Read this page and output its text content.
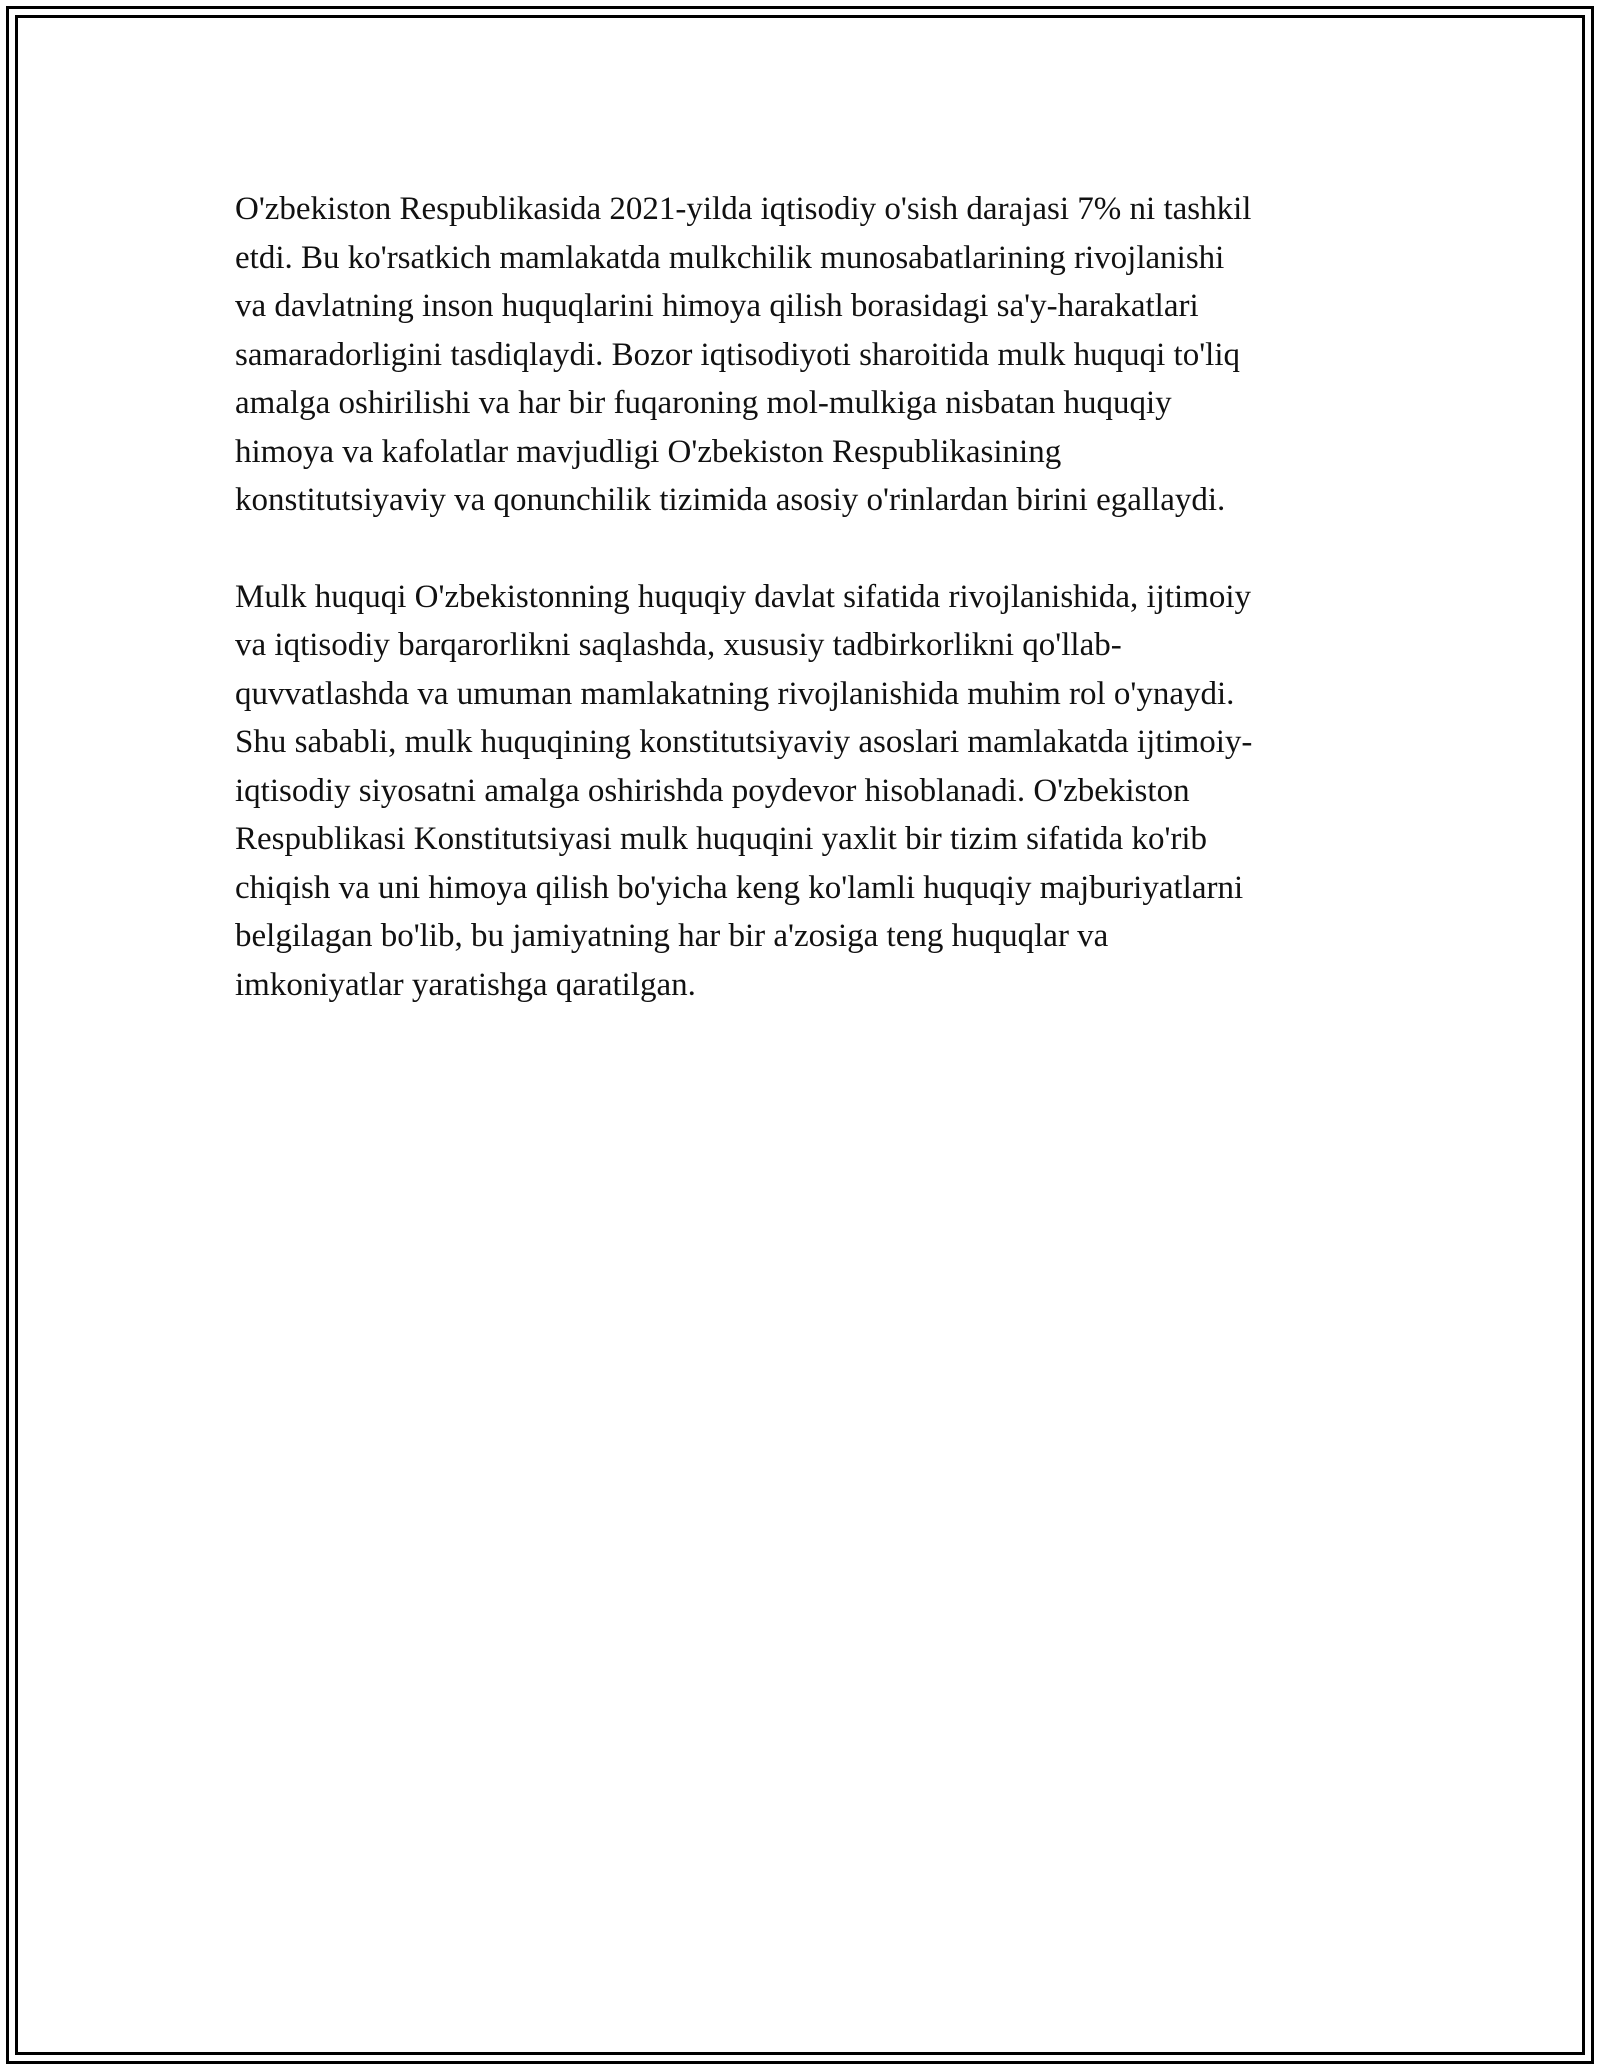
O'zbekiston Respublikasida 2021-yilda iqtisodiy o'sish darajasi 7% ni tashkil
etdi. Bu ko'rsatkich mamlakatda mulkchilik munosabatlarining rivojlanishi
va davlatning inson huquqlarini himoya qilish borasidagi sa'y-harakatlari
samaradorligini tasdiqlaydi. Bozor iqtisodiyoti sharoitida mulk huquqi to'liq
amalga oshirilishi va har bir fuqaroning mol-mulkiga nisbatan huquqiy
himoya va kafolatlar mavjudligi O'zbekiston Respublikasining
konstitutsiyaviy va qonunchilik tizimida asosiy o'rinlardan birini egallaydi.

Mulk huquqi O'zbekistonning huquqiy davlat sifatida rivojlanishida, ijtimoiy
va iqtisodiy barqarorlikni saqlashda, xususiy tadbirkorlikni qo'llab-
quvvatlashda va umuman mamlakatning rivojlanishida muhim rol o'ynaydi.
Shu sababli, mulk huquqining konstitutsiyaviy asoslari mamlakatda ijtimoiy-
iqtisodiy siyosatni amalga oshirishda poydevor hisoblanadi. O'zbekiston
Respublikasi Konstitutsiyasi mulk huquqini yaxlit bir tizim sifatida ko'rib
chiqish va uni himoya qilish bo'yicha keng ko'lamli huquqiy majburiyatlarni
belgilagan bo'lib, bu jamiyatning har bir a'zosiga teng huquqlar va
imkoniyatlar yaratishga qaratilgan.
